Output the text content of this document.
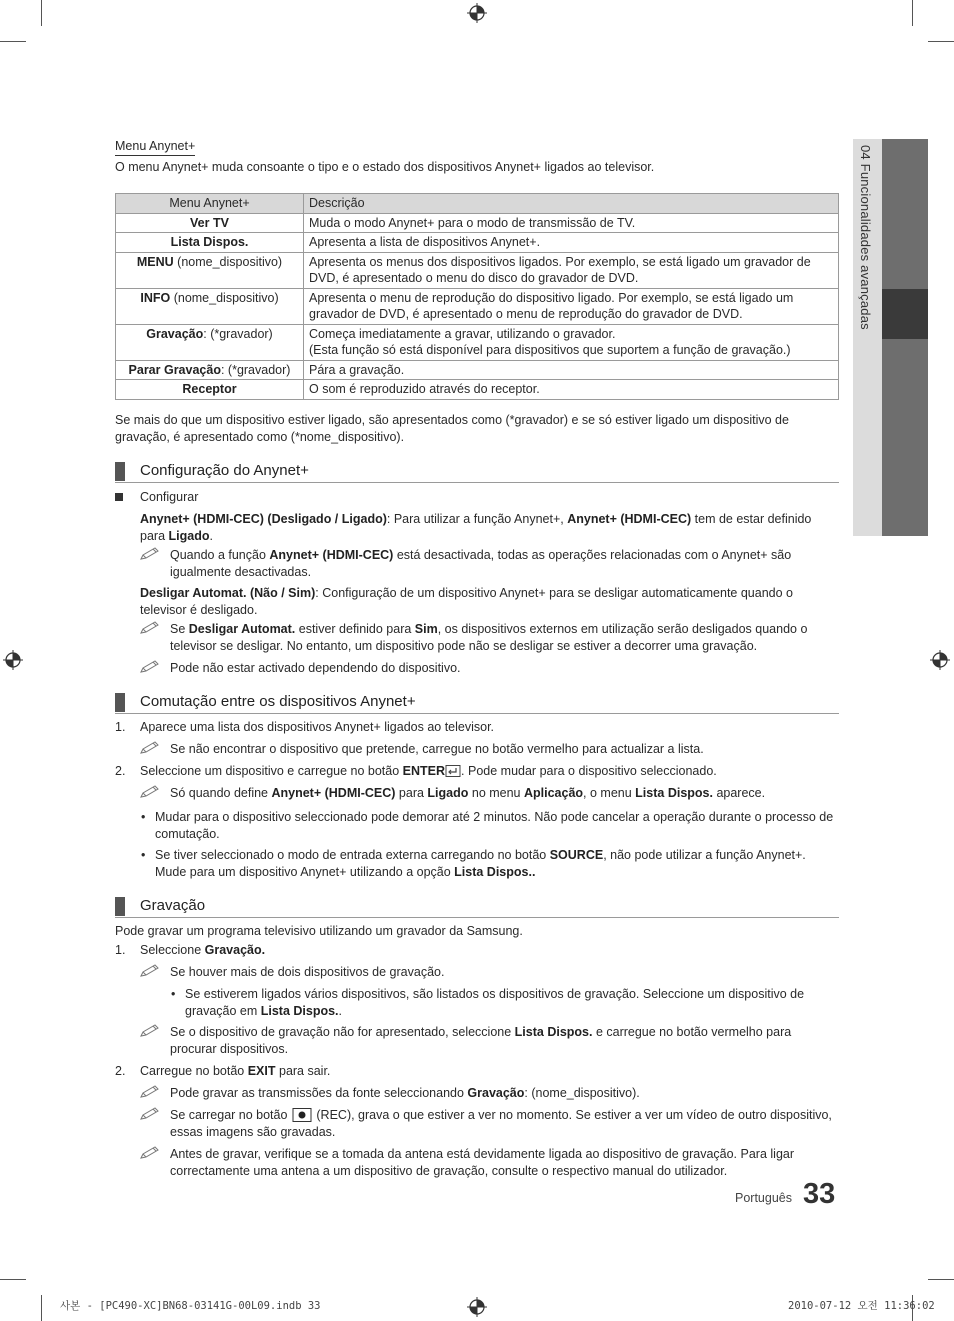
04 Funcionalidades avançadas
Menu Anynet+

O menu Anynet+ muda consoante o tipo e o estado dos dispositivos Anynet+ ligados ao televisor.

Menu Anynet+	Descrição
Ver TV	Muda o modo Anynet+ para o modo de transmissão de TV.
Lista Dispos.	Apresenta a lista de dispositivos Anynet+.
MENU (nome_dispositivo)	Apresenta os menus dos dispositivos ligados. Por exemplo, se está ligado um gravador de DVD, é apresentado o menu do disco do gravador de DVD.
INFO (nome_dispositivo)	Apresenta o menu de reprodução do dispositivo ligado. Por exemplo, se está ligado um gravador de DVD, é apresentado o menu de reprodução do gravador de DVD.
Gravação: (*gravador)	Começa imediatamente a gravar, utilizando o gravador.
(Esta função só está disponível para dispositivos que suportem a função de gravação.)

Parar Gravação: (*gravador)	Pára a gravação.
Receptor	O som é reproduzido através do receptor.

Se mais do que um dispositivo estiver ligado, são apresentados como (*gravador) e se só estiver ligado um dispositivo de gravação, é apresentado como (*nome_dispositivo).

Configuração do Anynet+
Configurar

Anynet+ (HDMI-CEC) (Desligado / Ligado): Para utilizar a função Anynet+, Anynet+ (HDMI-CEC) tem de estar definido para Ligado.

Quando a função Anynet+ (HDMI-CEC) está desactivada, todas as operações relacionadas com o Anynet+ são igualmente desactivadas.

Desligar Automat. (Não / Sim): Configuração de um dispositivo Anynet+ para se desligar automaticamente quando o televisor é desligado.

Se Desligar Automat. estiver definido para Sim, os dispositivos externos em utilização serão desligados quando o televisor se desligar. No entanto, um dispositivo pode não se desligar se estiver a decorrer uma gravação.
Pode não estar activado dependendo do dispositivo.
Comutação entre os dispositivos Anynet+
1. Aparece uma lista dos dispositivos Anynet+ ligados ao televisor.
Se não encontrar o dispositivo que pretende, carregue no botão vermelho para actualizar a lista.
2. Seleccione um dispositivo e carregue no botão ENTER . Pode mudar para o dispositivo seleccionado.
Só quando define Anynet+ (HDMI-CEC) para Ligado no menu Aplicação, o menu Lista Dispos. aparece.
• Mudar para o dispositivo seleccionado pode demorar até 2 minutos. Não pode cancelar a operação durante o processo de comutação.
• Se tiver seleccionado o modo de entrada externa carregando no botão SOURCE, não pode utilizar a função Anynet+. Mude para um dispositivo Anynet+ utilizando a opção Lista Dispos..
Gravação

Pode gravar um programa televisivo utilizando um gravador da Samsung.

1. Seleccione Gravação.
Se houver mais de dois dispositivos de gravação.
• Se estiverem ligados vários dispositivos, são listados os dispositivos de gravação. Seleccione um dispositivo de gravação em Lista Dispos..
Se o dispositivo de gravação não for apresentado, seleccione Lista Dispos. e carregue no botão vermelho para procurar dispositivos.
2. Carregue no botão EXIT para sair.
Pode gravar as transmissões da fonte seleccionando Gravação: (nome_dispositivo).
Se carregar no botão  (REC), grava o que estiver a ver no momento. Se estiver a ver um vídeo de outro dispositivo, essas imagens são gravadas.
Antes de gravar, verifique se a tomada da antena está devidamente ligada ao dispositivo de gravação. Para ligar correctamente uma antena a um dispositivo de gravação, consulte o respectivo manual do utilizador.
Português 33
사본 - [PC490-XC]BN68-03141G-00L09.indb 33	2010-07-12 오전 11:36:02
